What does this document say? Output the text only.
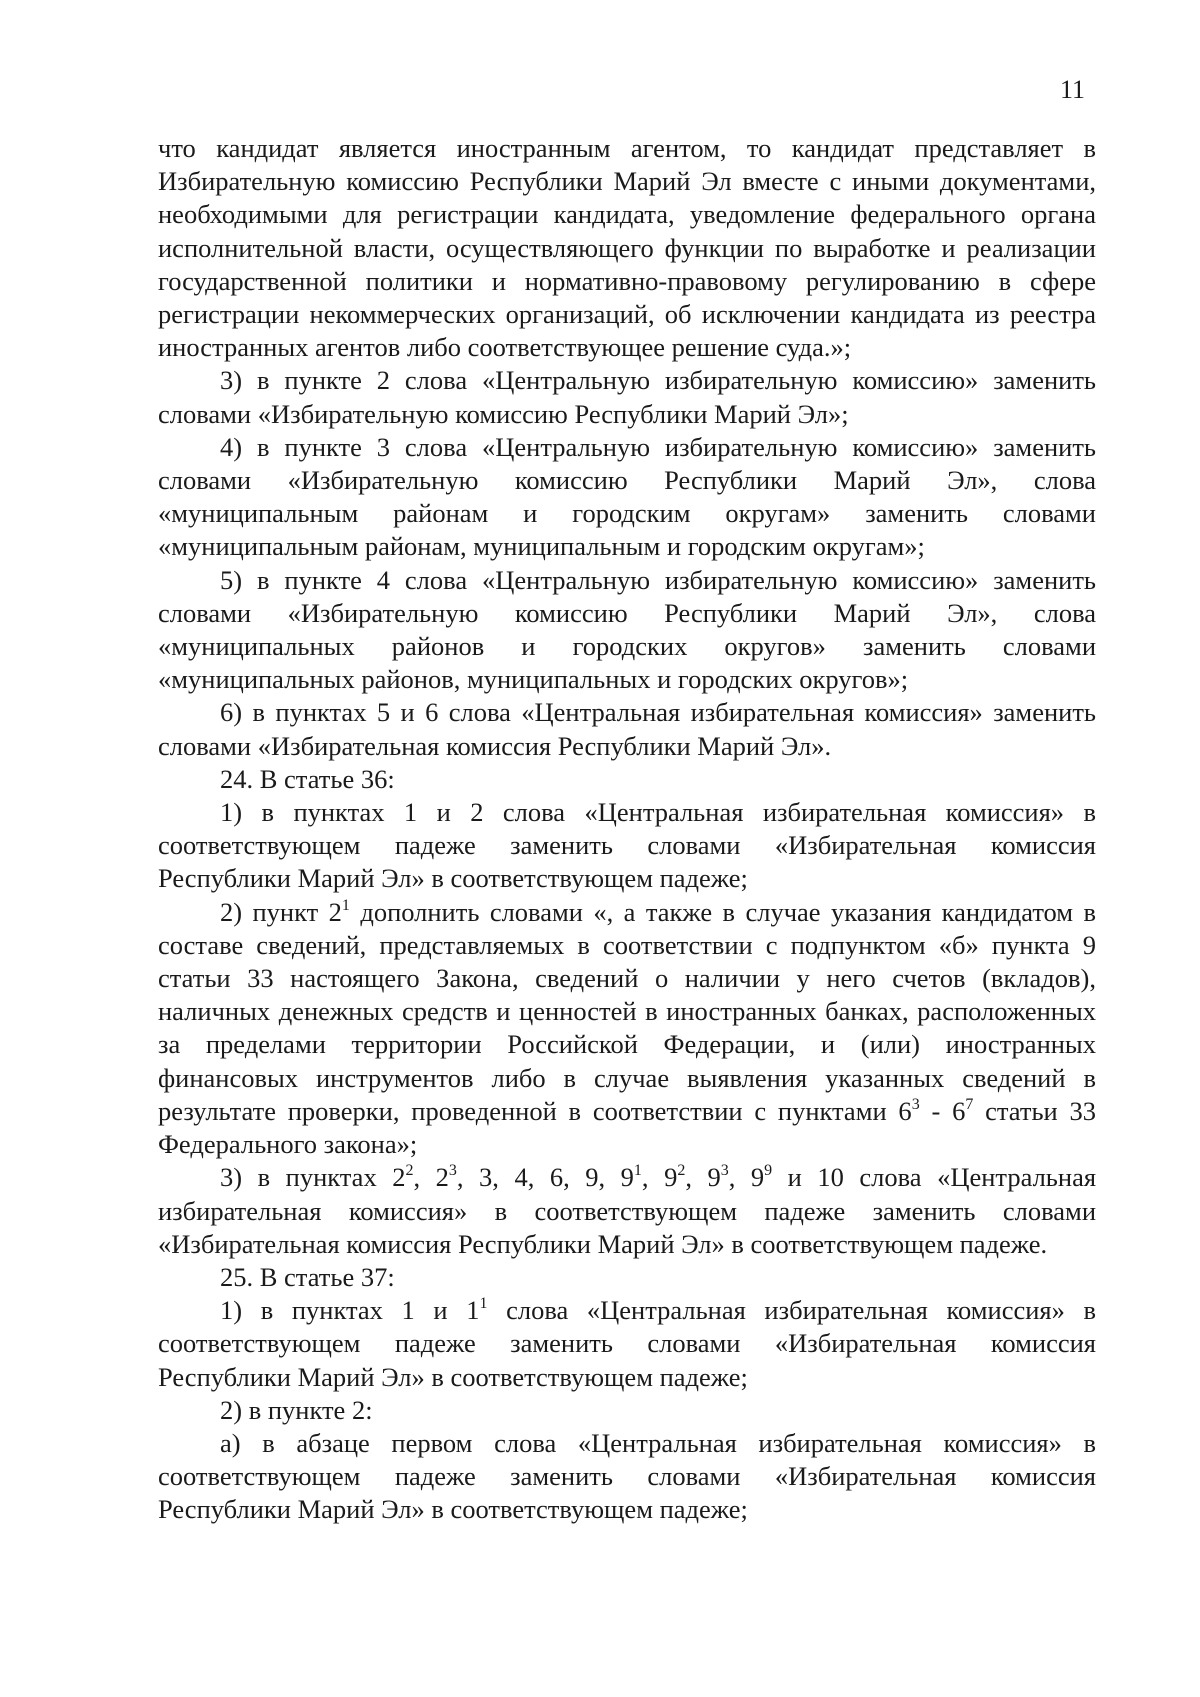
11

что кандидат является иностранным агентом, то кандидат представляет в Избирательную комиссию Республики Марий Эл вместе с иными документами, необходимыми для регистрации кандидата, уведомление федерального органа исполнительной власти, осуществляющего функции по выработке и реализации государственной политики и нормативно-правовому регулированию в сфере регистрации некоммерческих организаций, об исключении кандидата из реестра иностранных агентов либо соответствующее решение суда.»;

3) в пункте 2 слова «Центральную избирательную комиссию» заменить словами «Избирательную комиссию Республики Марий Эл»;

4) в пункте 3 слова «Центральную избирательную комиссию» заменить словами «Избирательную комиссию Республики Марий Эл», слова «муниципальным районам и городским округам» заменить словами «муниципальным районам, муниципальным и городским округам»;

5) в пункте 4 слова «Центральную избирательную комиссию» заменить словами «Избирательную комиссию Республики Марий Эл», слова «муниципальных районов и городских округов» заменить словами «муниципальных районов, муниципальных и городских округов»;

6) в пунктах 5 и 6 слова «Центральная избирательная комиссия» заменить словами «Избирательная комиссия Республики Марий Эл».

24. В статье 36:

1) в пунктах 1 и 2 слова «Центральная избирательная комиссия» в соответствующем падеже заменить словами «Избирательная комиссия Республики Марий Эл» в соответствующем падеже;

2) пункт $2^1$ дополнить словами «, а также в случае указания кандидатом в составе сведений, представляемых в соответствии с подпунктом «б» пункта 9 статьи 33 настоящего Закона, сведений о наличии у него счетов (вкладов), наличных денежных средств и ценностей в иностранных банках, расположенных за пределами территории Российской Федерации, и (или) иностранных финансовых инструментов либо в случае выявления указанных сведений в результате проверки, проведенной в соответствии с пунктами $6^3 - 6^7$ статьи 33 Федерального закона»;

3) в пунктах $2^2$, $2^3$, 3, 4, 6, 9, $9^1$, $9^2$, $9^3$, $9^9$ и 10 слова «Центральная избирательная комиссия» в соответствующем падеже заменить словами «Избирательная комиссия Республики Марий Эл» в соответствующем падеже.

25. В статье 37:

1) в пунктах 1 и $1^1$ слова «Центральная избирательная комиссия» в соответствующем падеже заменить словами «Избирательная комиссия Республики Марий Эл» в соответствующем падеже;

2) в пункте 2:

а) в абзаце первом слова «Центральная избирательная комиссия» в соответствующем падеже заменить словами «Избирательная комиссия Республики Марий Эл» в соответствующем падеже;
